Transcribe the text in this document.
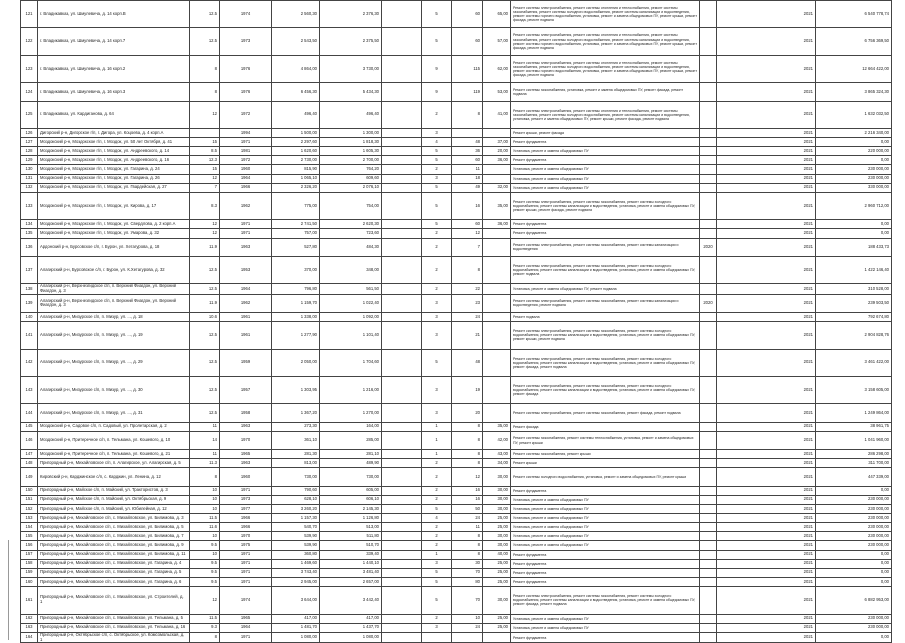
121	г. Владикавказ, ул. Шмулевича, д. 14 корп.В	12.5	1974	2 560,30	2 376,30		5	60	65,00	Ремонт системы электроснабжения, ремонт системы отопления и теплоснабжения, ремонт системы газоснабжения, ремонт системы холодного водоснабжения, ремонт системы канализации и водоотведения, ремонт системы горячего водоснабжения, установка, ремонт и замена общедомовых ПУ, ремонт крыши, ремонт фасада, ремонт подвала		2021	6 540 778,74
122	г. Владикавказ, ул. Шмулевича, д. 14 корп.7	12.5	1973	2 543,50	2 375,50		5	60	57,00	Ремонт системы электроснабжения, ремонт системы отопления и теплоснабжения, ремонт системы газоснабжения, ремонт системы холодного водоснабжения, ремонт системы канализации и водоотведения, ремонт системы горячего водоснабжения, установка, ремонт и замена общедомовых ПУ, ремонт крыши, ремонт фасада, ремонт подвала		2021	6 756 369,50
123	г. Владикавказ, ул. Шмулевича, д. 16 корп.2	8	1976	4 864,00	3 730,00		9	115	62,00	Ремонт системы электроснабжения, ремонт системы отопления и теплоснабжения, ремонт системы газоснабжения, ремонт системы холодного водоснабжения, ремонт системы канализации и водоотведения, ремонт системы горячего водоснабжения, установка, ремонт и замена общедомовых ПУ, ремонт крыши, ремонт фасада, ремонт подвала		2021	12 664 422,00
124	г. Владикавказ, ул. Шмулевича, д. 16 корп.3	8	1976	6 456,30	5 434,30		9	119	53,00	Ремонт системы газоснабжения, установка, ремонт и замена общедомовых ПУ, ремонт фасада, ремонт подвала		2021	3 865 324,30
125	г. Владикавказ, ул. Кардиганова, д. 64	12	1972	496,40	496,40		2	8	41,00	Ремонт системы электроснабжения, ремонт системы отопления и теплоснабжения, ремонт системы газоснабжения, ремонт системы холодного водоснабжения, ремонт системы канализации и водоотведения, установка, ремонт и замена общедомовых ПУ, ремонт крыши, ремонт фасада, ремонт подвала		2021	1 632 032,50
126	Дигорский р-н, Дигорское г/п, г. Дигора, ул. Коцоева, д. 4 корп.А		1994	1 500,00	1 300,00		3			Ремонт крыши, ремонт фасада		2021	2 216 340,00
127	Моздокский р-н, Моздокское г/п, г. Моздок, ул. 50 лет Октября, д. 41	15	1971	2 297,60	1 818,30		4	48	37,00	Ремонт фундамента		2021	0,00
128	Моздокский р-н, Моздокское г/п, г. Моздок, ул. Андреевского, д. 14	8.5	1981	1 620,60	1 605,30		5	36	20,00	Установка, ремонт и замена общедомовых ПУ		2021	220 000,00
129	Моздокский р-н, Моздокское г/п, г. Моздок, ул. Андреевского, д. 16	12.3	1972	2 730,00	2 700,00		5	60	36,00	Ремонт фундамента		2021	0,00
130	Моздокский р-н, Моздокское г/п, г. Моздок, ул. Гагарина, д. 24	15	1960	815,90	764,20		2	11		Установка, ремонт и замена общедомовых ПУ		2021	230 000,00
131	Моздокский р-н, Моздокское г/п, г. Моздок, ул. Гагарина, д. 26	12	1964	1 065,10	609,60		3	18		Установка, ремонт и замена общедомовых ПУ		2021	230 000,00
132	Моздокский р-н, Моздокское г/п, г. Моздок, ул. Гвардейская, д. 27	7	1966	2 326,20	2 076,10		5	49	32,00	Установка, ремонт и замена общедомовых ПУ		2021	330 000,00
133	Моздокский р-н, Моздокское г/п, г. Моздок, ул. Кирова, д. 17	8.3	1962	775,00	754,00		5	16	35,00	Ремонт системы электроснабжения, ремонт системы газоснабжения, ремонт системы холодного водоснабжения, ремонт системы канализации и водоотведения, установка, ремонт и замена общедомовых ПУ, ремонт крыши, ремонт фасада, ремонт подвала		2021	2 960 712,00
134	Моздокский р-н, Моздокское г/п, г. Моздок, ул. Свердлова, д. 2 корп.А	12	1971	2 741,50	2 620,30		5	60	36,00	Ремонт фундамента		2021	0,00
135	Моздокский р-н, Моздокское г/п, г. Моздок, ул. Умарова, д. 32	12	1971	757,00	723,60		2	12		Ремонт фундамента		2021	0,00
136	Ардонский р-н, Бурсовское с/п, г. Бурон, ул. Хетагурова, д. 18	11.9	1963	527,80	484,30		2	7		Ремонт системы электроснабжения, ремонт системы газоснабжения, ремонт системы канализации и водоотведения	2020	2021	188 433,73
137	Алагирский р-н, Бурсовское с/п, г. Бурон, ул. К.Хетагурова, д. 32	12.5	1953	370,00	348,00		2	8		Ремонт системы электроснабжения, ремонт системы газоснабжения, ремонт системы холодного водоснабжения, ремонт системы канализации и водоотведения, установка, ремонт и замена общедомовых ПУ, ремонт подвала		2021	1 422 146,40
138	Алагирский р-н, Верхнезгидское с/п, п. Верхний Фиагдон, ул. Верхний Фиагдон, д. 3	12.5	1964	796,80	561,50		2	22		Установка, ремонт и замена общедомовых ПУ, ремонт подвала		2021	310 528,00
139	Алагирский р-н, Верхнезгидское с/п, п. Верхний Фиагдон, ул. Верхний Фиагдон, д. 3	11.9	1962	1 159,70	1 022,40		3	23		Ремонт системы электроснабжения, ремонт системы газоснабжения, ремонт системы канализации и водоотведения, ремонт подвала	2020	2021	239 503,50
140	Алагирский р-н, Мизурское с/п, п. Мизур, ул. ..., д. 18	10.6	1961	1 338,00	1 092,00		3	24		Ремонт подвала		2021	792 674,80
141	Алагирский р-н, Мизурское с/п, п. Мизур, ул. ..., д. 19	12.5	1961	1 277,90	1 101,40		3	21		Ремонт системы электроснабжения, ремонт системы газоснабжения, ремонт системы холодного водоснабжения, ремонт системы канализации и водоотведения, установка, ремонт и замена общедомовых ПУ, ремонт крыши, ремонт подвала		2021	2 904 828,76
142	Алагирский р-н, Мизурское с/п, п. Мизур, ул. ..., д. 29	12.5	1959	2 050,00	1 704,60		5	48		Ремонт системы электроснабжения, ремонт системы газоснабжения, ремонт системы холодного водоснабжения, ремонт системы канализации и водоотведения, установка, ремонт и замена общедомовых ПУ, ремонт фасада, ремонт подвала		2021	3 461 422,00
143	Алагирский р-н, Мизурское с/п, п. Мизур, ул. ..., д. 30	12.5	1957	1 303,95	1 216,00		3	19		Ремонт системы электроснабжения, ремонт системы газоснабжения, ремонт системы холодного водоснабжения, ремонт системы канализации и водоотведения, установка, ремонт и замена общедомовых ПУ, ремонт фасада		2021	3 158 605,00
144	Алагирский р-н, Мизурское с/п, п. Мизур, ул. ..., д. 31	12.5	1958	1 367,20	1 270,00		3	20		Ремонт системы электроснабжения, ремонт системы газоснабжения, ремонт фасада, ремонт подвала		2021	1 249 864,00
145	Моздокский р-н, Садовое с/п, п. Садовый, ул. Пролетарская, д. 2	11	1963	273,30	164,00		1	8	35,00	Ремонт фасада		2021	38 961,75
146	Моздокский р-н, Притеречное с/п, п. Тельмана, ул. Кошевого, д. 10	14	1970	361,10	285,00		1	8	42,00	Ремонт системы газоснабжения, ремонт системы теплоснабжения, установка, ремонт и замена общедомовых ПУ, ремонт крыши		2021	1 041 960,00
147	Моздокский р-н, Притеречное с/п, п. Тельмана, ул. Кошевого, д. 21	11	1965	281,30	281,10		1	8	43,00	Ремонт системы газоснабжения, ремонт крыши		2021	286 298,00
148	Пригородный р-н, Михайловское с/п, п. Алагирское, ул. Алагирская, д. 5	11.3	1963	813,00	489,90		2	8	34,00	Ремонт крыши		2021	311 700,00
149	Кировский р-н, Карджинское с/п, с. Карджин, ул. Ленина, д. 12	8	1960	730,00	730,00		2	12	30,00	Ремонт системы холодного водоснабжения, установка, ремонт и замена общедомовых ПУ, ремонт крыши		2021	447 339,00
150	Пригородный р-н, Майское с/п, п. Майский, ул. Трактористов, д. 3	10	1971	790,60	605,00		2	16	30,00	Ремонт фундамента		2021	0,00
151	Пригородный р-н, Майское с/п, п. Майский, ул. Октябрьская, д. 9	10	1973	628,10	606,10		2	16	30,00	Установка, ремонт и замена общедомовых ПУ		2021	230 000,00
152	Пригородный р-н, Майское с/п, п. Майский, ул. Юбилейная, д. 12	10	1977	3 260,20	2 145,30		5	50	30,00	Установка, ремонт и замена общедомовых ПУ		2021	230 000,00
153	Пригородный р-н, Михайловское с/п, с. Михайловское, ул. Билимова, д. 3	11.5	1966	1 157,30	1 126,80		4	24	25,00	Установка, ремонт и замена общедомовых ПУ		2021	230 000,00
154	Пригородный р-н, Михайловское с/п, с. Михайловское, ул. Билимова, д. 5	11.6	1966	540,70	513,00		2	11	25,00	Установка, ремонт и замена общедомовых ПУ		2021	230 000,00
155	Пригородный р-н, Михайловское с/п, с. Михайловское, ул. Билимова, д. 7	10	1970	539,90	511,80		2	8	30,00	Установка, ремонт и замена общедомовых ПУ		2021	230 000,00
156	Пригородный р-н, Михайловское с/п, с. Михайловское, ул. Билимова, д. 9	9.5	1975	539,90	510,70		2	8	30,00	Установка, ремонт и замена общедомовых ПУ		2021	230 000,00
157	Пригородный р-н, Михайловское с/п, с. Михайловское, ул. Билимова, д. 11	10	1971	360,80	339,40		1	8	40,00	Ремонт фундамента		2021	0,00
158	Пригородный р-н, Михайловское с/п, с. Михайловское, ул. Гагарина, д. 4	9.5	1971	1 469,60	1 440,10		3	30	25,00	Ремонт фундамента		2021	0,00
159	Пригородный р-н, Михайловское с/п, с. Михайловское, ул. Гагарина, д. 5	9.5	1971	3 743,40	3 481,40		5	70	25,00	Ремонт фундамента		2021	0,00
160	Пригородный р-н, Михайловское с/п, с. Михайловское, ул. Гагарина, д. 6	9.5	1971	2 945,00	2 657,00		5	80	25,00	Ремонт фундамента		2021	0,00
161	Пригородный р-н, Михайловское с/п, с. Михайловское, ул. Строителей, д. 1	12	1974	3 644,00	3 442,40		5	70	30,00	Ремонт системы электроснабжения, ремонт системы газоснабжения, ремонт системы холодного водоснабжения, ремонт системы канализации и водоотведения, установка, ремонт и замена общедомовых ПУ, ремонт фасада, ремонт подвала		2021	6 882 953,00
162	Пригородный р-н, Михайловское с/п, с. Михайловское, ул. Тельмана, д. 5	11.5	1965	417,00	417,00		2	10	25,00	Установка, ремонт и замена общедомовых ПУ		2021	230 000,00
163	Пригородный р-н, Михайловское с/п, с. Михайловское, ул. Тельмана, д. 16	9.3	1964	1 481,70	1 437,70		3	24	25,00	Установка, ремонт и замена общедомовых ПУ		2021	230 000,00
164	Пригородный р-н, Октябрьское с/п, с. Октябрьское, ул. Комсомольская, д. 1	8	1971	1 080,00	1 080,00					Ремонт фундамента		2021	0,00
